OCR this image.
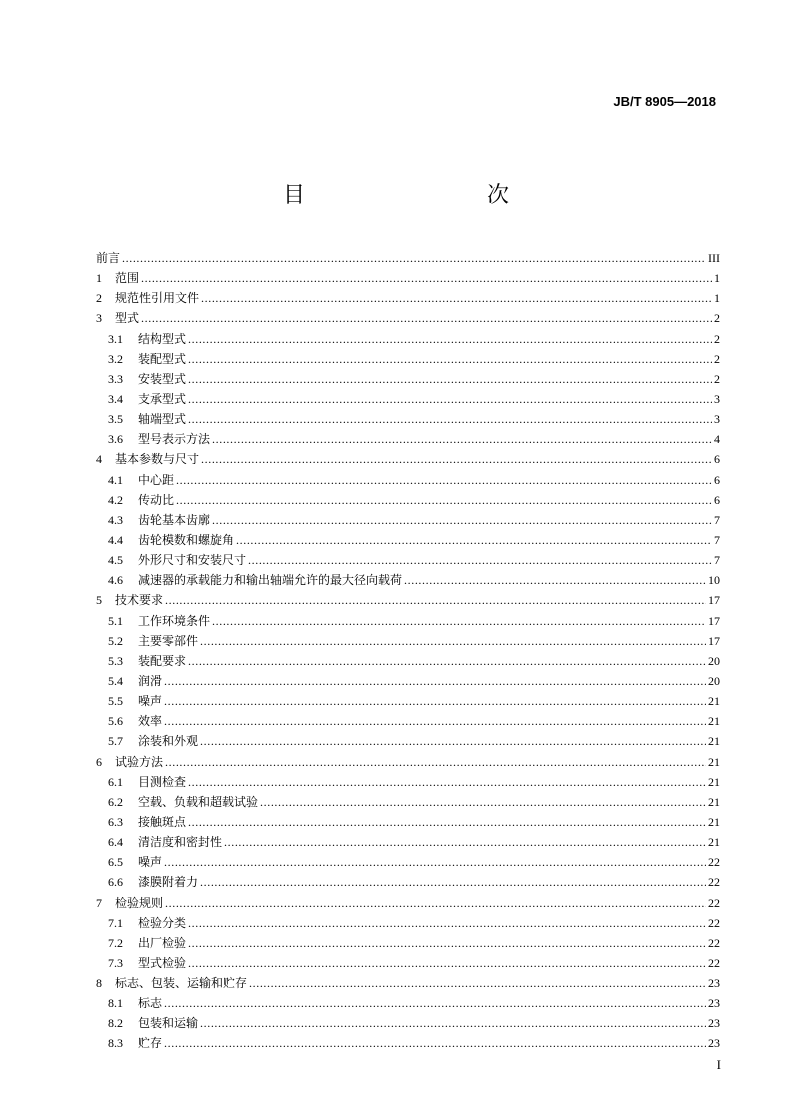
JB/T 8905—2018
目　　次
前言 .....	III
1	范围 .....	1
2	规范性引用文件 .....	1
3	型式 .....	2
3.1	结构型式 .....	2
3.2	装配型式 .....	2
3.3	安装型式 .....	2
3.4	支承型式 .....	3
3.5	轴端型式 .....	3
3.6	型号表示方法 .....	4
4	基本参数与尺寸 .....	6
4.1	中心距 .....	6
4.2	传动比 .....	6
4.3	齿轮基本齿廓 .....	7
4.4	齿轮模数和螺旋角 .....	7
4.5	外形尺寸和安装尺寸 .....	7
4.6	减速器的承载能力和输出轴端允许的最大径向载荷 .....	10
5	技术要求 .....	17
5.1	工作环境条件 .....	17
5.2	主要零部件 .....	17
5.3	装配要求 .....	20
5.4	润滑 .....	20
5.5	噪声 .....	21
5.6	效率 .....	21
5.7	涂装和外观 .....	21
6	试验方法 .....	21
6.1	目测检查 .....	21
6.2	空载、负载和超载试验 .....	21
6.3	接触斑点 .....	21
6.4	清洁度和密封性 .....	21
6.5	噪声 .....	22
6.6	漆膜附着力 .....	22
7	检验规则 .....	22
7.1	检验分类 .....	22
7.2	出厂检验 .....	22
7.3	型式检验 .....	22
8	标志、包装、运输和贮存 .....	23
8.1	标志 .....	23
8.2	包装和运输 .....	23
8.3	贮存 .....	23
I
